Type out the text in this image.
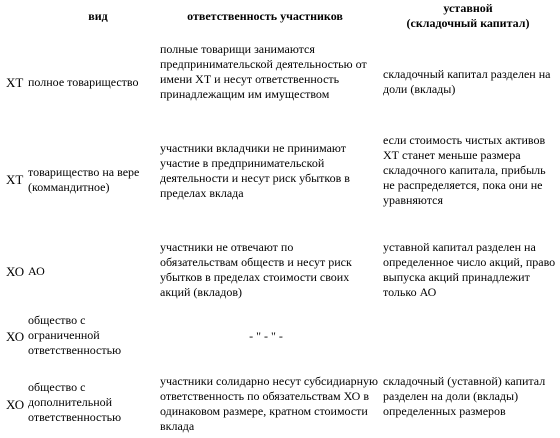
вид	ответственность участников
уставной
(складочный капитал)
ХТ полное товарищество
полные товарищи занимаются предпринимательской деятельностью от имени ХТ и несут ответственность принадлежащим им имуществом
складочный капитал разделен на доли (вклады)
ХТ товарищество на вере (коммандитное)
участники вкладчики не принимают участие в предпринимательской деятельности и несут риск убытков в пределах вклада
если стоимость чистых активов ХТ станет меньше размера складочного капитала, прибыль не распределяется, пока они не уравняются
ХО АО
участники не отвечают по обязательствам обществ и несут риск убытков в пределах стоимости своих акций (вкладов)
уставной капитал разделен на определенное число акций, право выпуска акций принадлежит только АО
ХО
общество с ограниченной ответственностью
- " - " -
ХО
общество с дополнительной ответственностью
участники солидарно несут субсидиарную ответственность по обязательствам ХО в одинаковом размере, кратном стоимости вклада
складочный (уставной) капитал разделен на доли (вклады) определенных размеров
